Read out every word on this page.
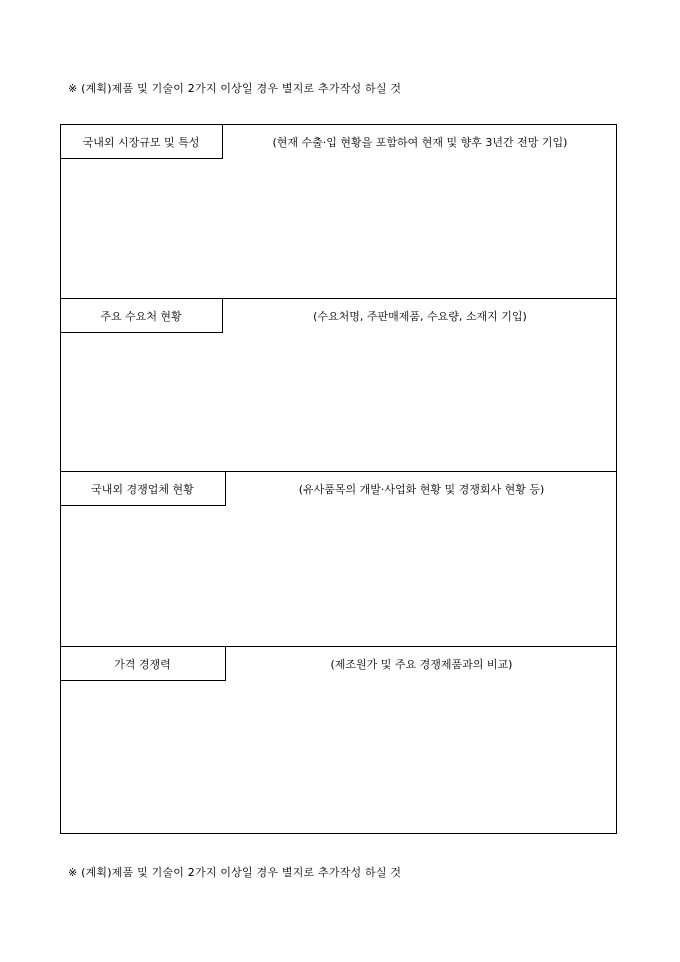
※ (계획)제품 및 기술이 2가지 이상일 경우 별지로 추가작성 하실 것
국내외 시장규모 및 특성	(현재 수출·입 현황을 포함하여 현재 및 향후 3년간 전망 기입)
주요 수요처 현황	(수요처명, 주판매제품, 수요량, 소재지 기입)
국내외 경쟁업체 현황	(유사품목의 개발·사업화 현황 및 경쟁회사 현황 등)
가격 경쟁력	(제조원가 및 주요 경쟁제품과의 비교)
※ (계획)제품 및 기술이 2가지 이상일 경우 별지로 추가작성 하실 것
